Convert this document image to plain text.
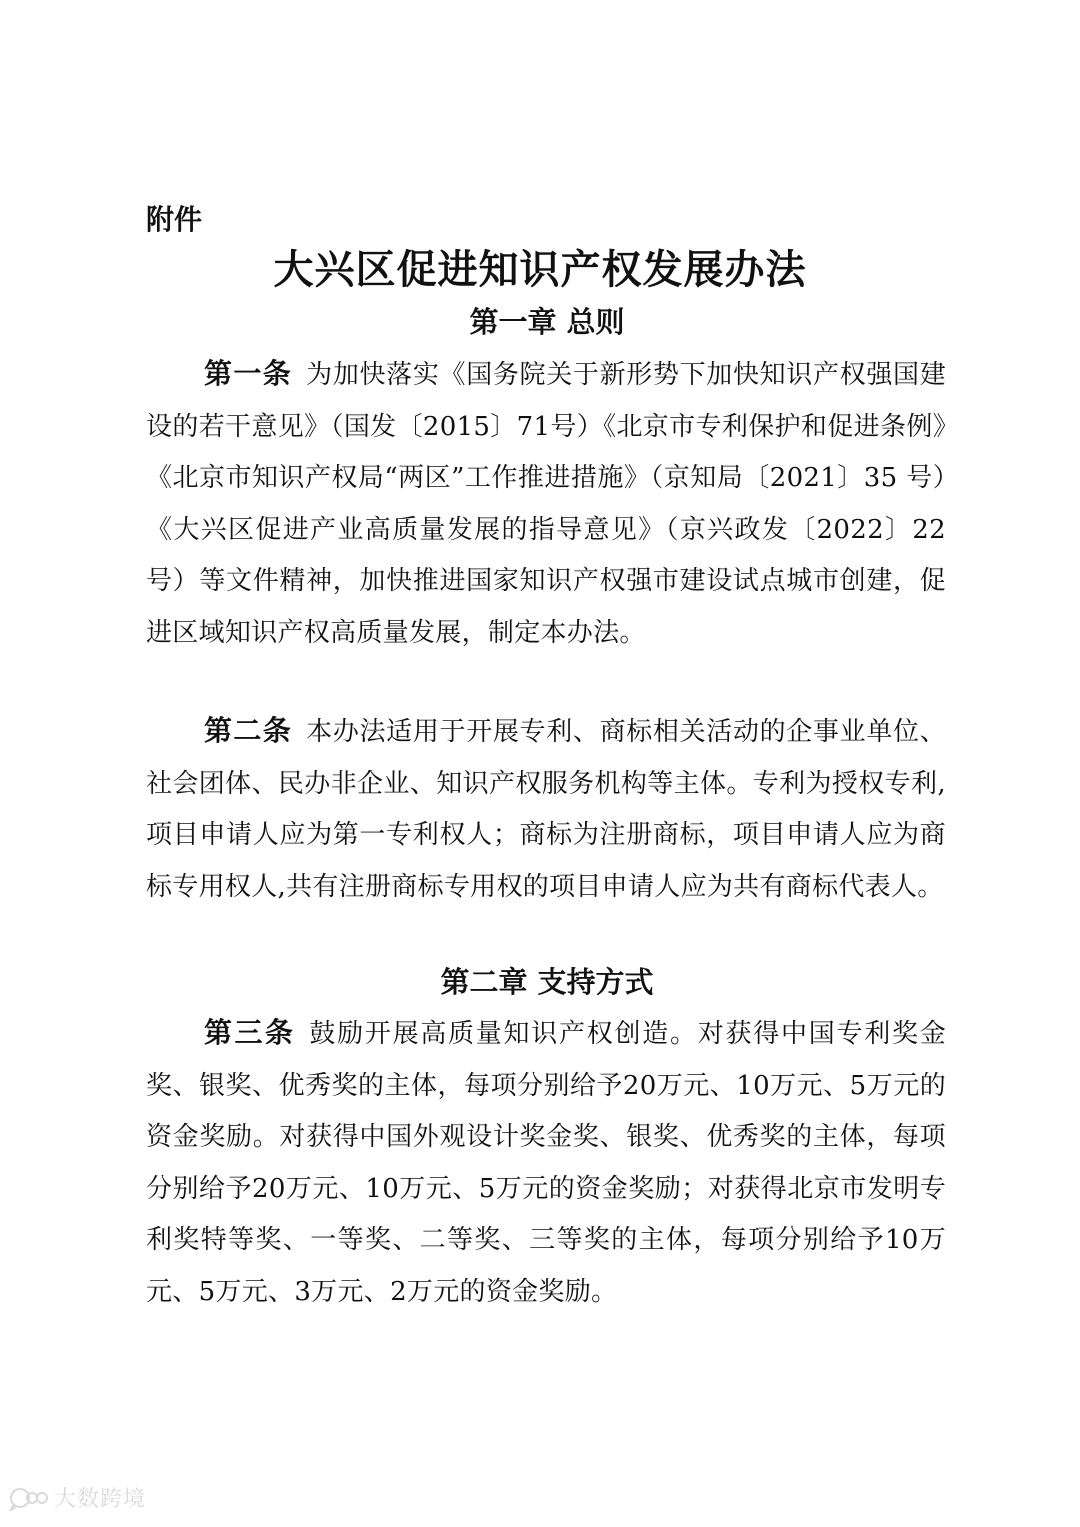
附件
大兴区促进知识产权发展办法
第一章 总则

第一条 为加快落实《国务院关于新形势下加快知识产权强国建设的若干意见》（国发〔2015〕71号）《北京市专利保护和促进条例》《北京市知识产权局“两区”工作推进措施》（京知局〔2021〕35 号）《大兴区促进产业高质量发展的指导意见》（京兴政发〔2022〕22号）等文件精神，加快推进国家知识产权强市建设试点城市创建，促进区域知识产权高质量发展，制定本办法。

第二条 本办法适用于开展专利、商标相关活动的企事业单位、社会团体、民办非企业、知识产权服务机构等主体。专利为授权专利,项目申请人应为第一专利权人；商标为注册商标，项目申请人应为商标专用权人,共有注册商标专用权的项目申请人应为共有商标代表人。

第二章 支持方式

第三条 鼓励开展高质量知识产权创造。对获得中国专利奖金奖、银奖、优秀奖的主体，每项分别给予20万元、10万元、5万元的资金奖励。对获得中国外观设计奖金奖、银奖、优秀奖的主体，每项分别给予20万元、10万元、5万元的资金奖励；对获得北京市发明专利奖特等奖、一等奖、二等奖、三等奖的主体，每项分别给予10万元、5万元、3万元、2万元的资金奖励。

大数跨境
